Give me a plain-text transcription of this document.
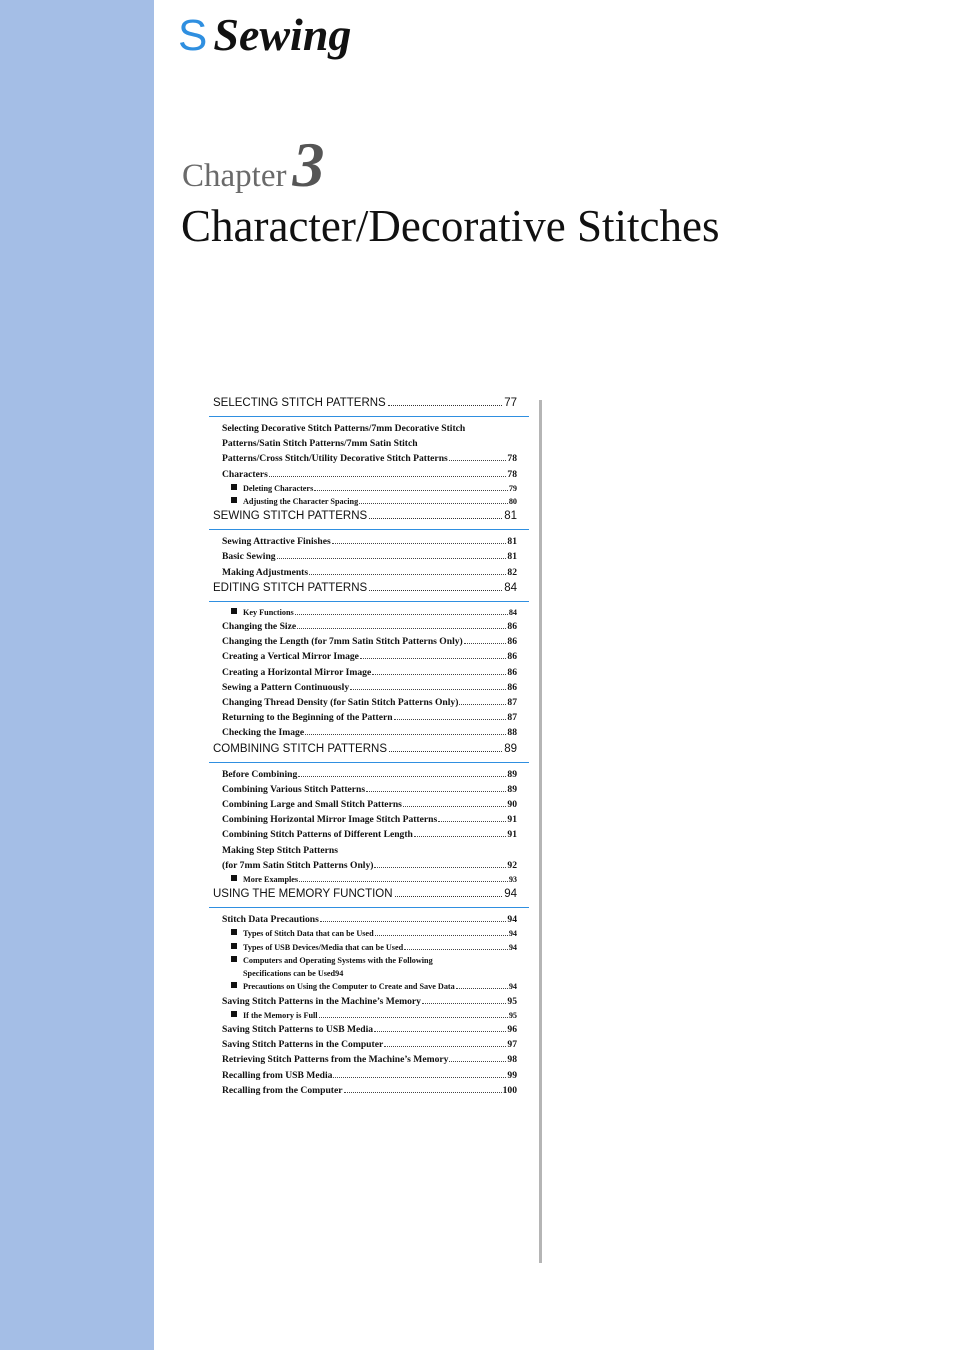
S Sewing
Chapter3
Character/Decorative Stitches
SELECTING STITCH PATTERNS	77
Selecting Decorative Stitch Patterns/7mm Decorative Stitch
Patterns/Satin Stitch Patterns/7mm Satin Stitch
Patterns/Cross Stitch/Utility Decorative Stitch Patterns	78
Characters	78
Deleting Characters	79
Adjusting the Character Spacing	80
SEWING STITCH PATTERNS	81
Sewing Attractive Finishes	81
Basic Sewing	81
Making Adjustments	82
EDITING STITCH PATTERNS	84
Key Functions	84
Changing the Size	86
Changing the Length (for 7mm Satin Stitch Patterns Only)	86
Creating a Vertical Mirror Image	86
Creating a Horizontal Mirror Image	86
Sewing a Pattern Continuously	86
Changing Thread Density (for Satin Stitch Patterns Only)	87
Returning to the Beginning of the Pattern	87
Checking the Image	88
COMBINING STITCH PATTERNS	89
Before Combining	89
Combining Various Stitch Patterns	89
Combining Large and Small Stitch Patterns	90
Combining Horizontal Mirror Image Stitch Patterns	91
Combining Stitch Patterns of Different Length	91
Making Step Stitch Patterns
(for 7mm Satin Stitch Patterns Only)	92
More Examples	93
USING THE MEMORY FUNCTION	94
Stitch Data Precautions	94
Types of Stitch Data that can be Used	94
Types of USB Devices/Media that can be Used	94
Computers and Operating Systems with the Following
Specifications can be Used94
Precautions on Using the Computer to Create and Save Data	94
Saving Stitch Patterns in the Machine’s Memory	95
If the Memory is Full	95
Saving Stitch Patterns to USB Media	96
Saving Stitch Patterns in the Computer	97
Retrieving Stitch Patterns from the Machine’s Memory	98
Recalling from USB Media	99
Recalling from the Computer	100
